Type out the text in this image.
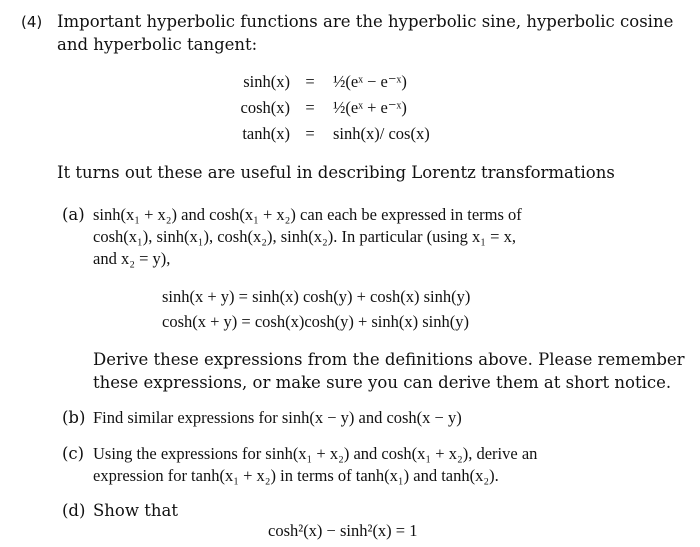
(4) Important hyperbolic functions are the hyperbolic sine, hyperbolic cosine
and hyperbolic tangent:
sinh(x) =	½(eˣ − e⁻ˣ)
cosh(x) =	½(eˣ + e⁻ˣ)
tanh(x) =	sinh(x)/ cos(x)
It turns out these are useful in describing Lorentz transformations
(a) sinh(x₁ + x₂) and cosh(x₁ + x₂) can each be expressed in terms of
cosh(x₁), sinh(x₁), cosh(x₂), sinh(x₂). In particular (using x₁ = x,
and x₂ = y),
sinh(x + y) = sinh(x) cosh(y) + cosh(x) sinh(y)
cosh(x + y) = cosh(x)cosh(y) + sinh(x) sinh(y)
Derive these expressions from the definitions above. Please remember
these expressions, or make sure you can derive them at short notice.
(b) Find similar expressions for sinh(x − y) and cosh(x − y)
(c) Using the expressions for sinh(x₁ + x₂) and cosh(x₁ + x₂), derive an
expression for tanh(x₁ + x₂) in terms of tanh(x₁) and tanh(x₂).
(d) Show that
cosh²(x) − sinh²(x) = 1
